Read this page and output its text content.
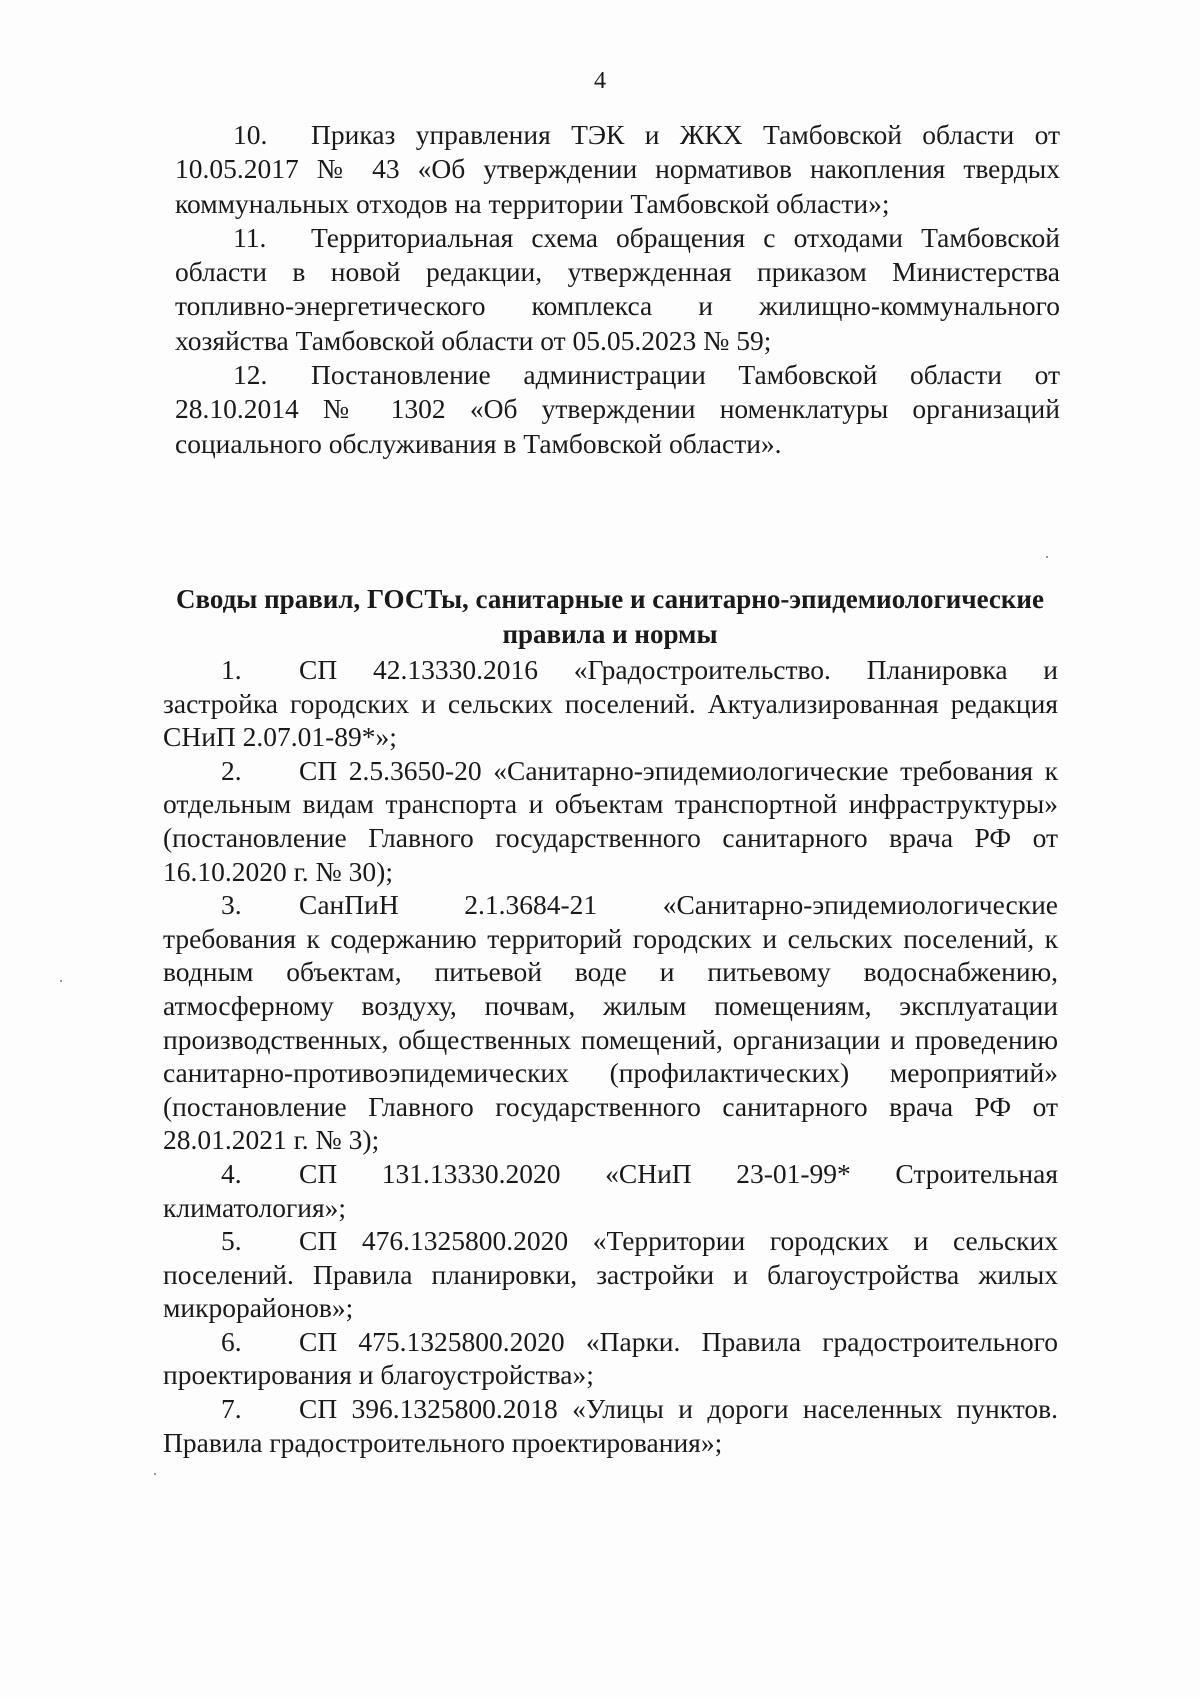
4

10. Приказ управления ТЭК и ЖКХ Тамбовской области от 10.05.2017 № 43 «Об утверждении нормативов накопления твердых коммунальных отходов на территории Тамбовской области»;

11. Территориальная схема обращения с отходами Тамбовской области в новой редакции, утвержденная приказом Министерства топливно-энергетического комплекса и жилищно-коммунального хозяйства Тамбовской области от 05.05.2023 № 59;

12. Постановление администрации Тамбовской области от 28.10.2014 № 1302 «Об утверждении номенклатуры организаций социального обслуживания в Тамбовской области».

Своды правил, ГОСТы, санитарные и санитарно-эпидемиологические

правила и нормы

1. СП 42.13330.2016 «Градостроительство. Планировка и застройка городских и сельских поселений. Актуализированная редакция СНиП 2.07.01-89*»;

2. СП 2.5.3650-20 «Санитарно-эпидемиологические требования к отдельным видам транспорта и объектам транспортной инфраструктуры» (постановление Главного государственного санитарного врача РФ от 16.10.2020 г. № 30);

3. СанПиН 2.1.3684-21 «Санитарно-эпидемиологические требования к содержанию территорий городских и сельских поселений, к водным объектам, питьевой воде и питьевому водоснабжению, атмосферному воздуху, почвам, жилым помещениям, эксплуатации производственных, общественных помещений, организации и проведению санитарно-противоэпидемических (профилактических) мероприятий» (постановление Главного государственного санитарного врача РФ от 28.01.2021 г. № 3);

4. СП 131.13330.2020 «СНиП 23-01-99* Строительная климатология»;

5. СП 476.1325800.2020 «Территории городских и сельских поселений. Правила планировки, застройки и благоустройства жилых микрорайонов»;

6. СП 475.1325800.2020 «Парки. Правила градостроительного проектирования и благоустройства»;

7. СП 396.1325800.2018 «Улицы и дороги населенных пунктов. Правила градостроительного проектирования»;
